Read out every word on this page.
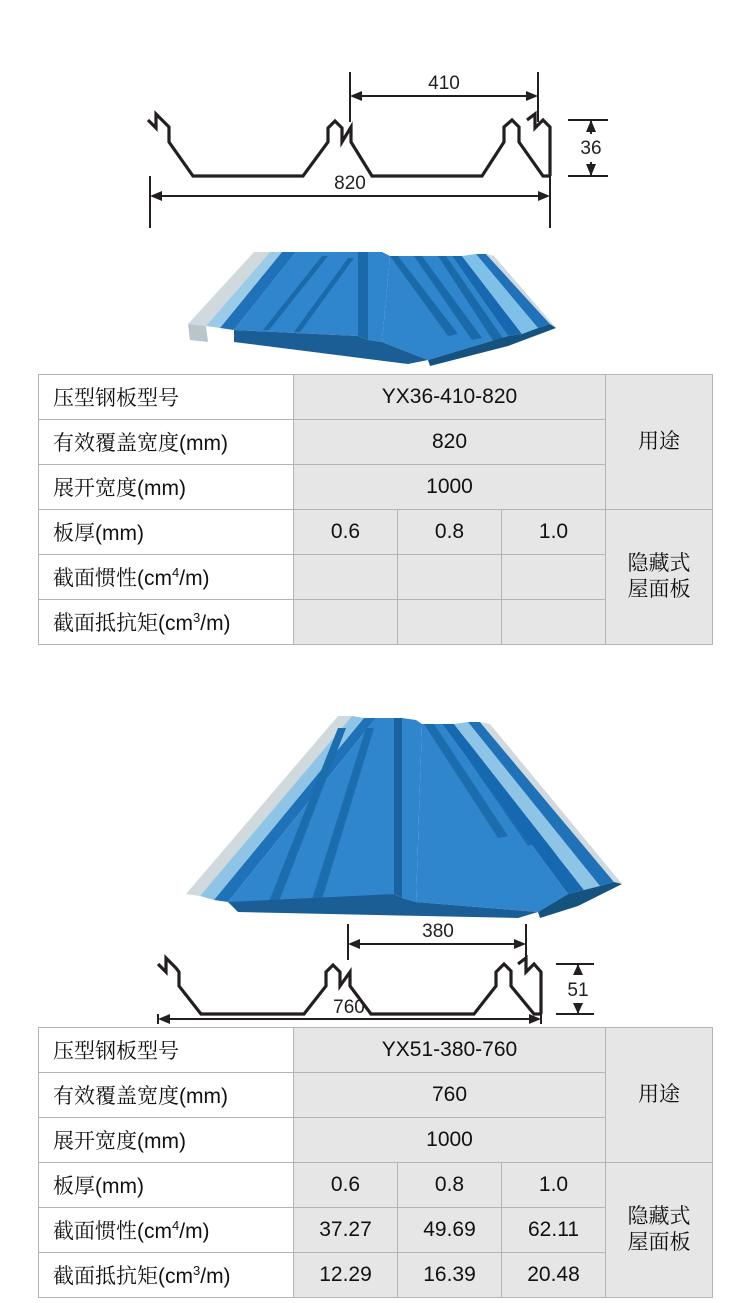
410
36
820
压型钢板型号	YX36-410-820			用途
有效覆盖宽度(mm)	820			
展开宽度(mm)	1000			
板厚(mm)	0.6	0.8	1.0	隐藏式
屋面板
截面惯性$(cm^4/m)$				
截面抵抗矩$(cm^3/m)$				
380
51
760
压型钢板型号	YX51-380-760			用途
有效覆盖宽度(mm)	760			
展开宽度(mm)	1000			
板厚(mm)	0.6	0.8	1.0	隐藏式
屋面板
截面惯性$(cm^4/m)$	37.27	49.69	62.11	
截面抵抗矩$(cm^3/m)$	12.29	16.39	20.48	
